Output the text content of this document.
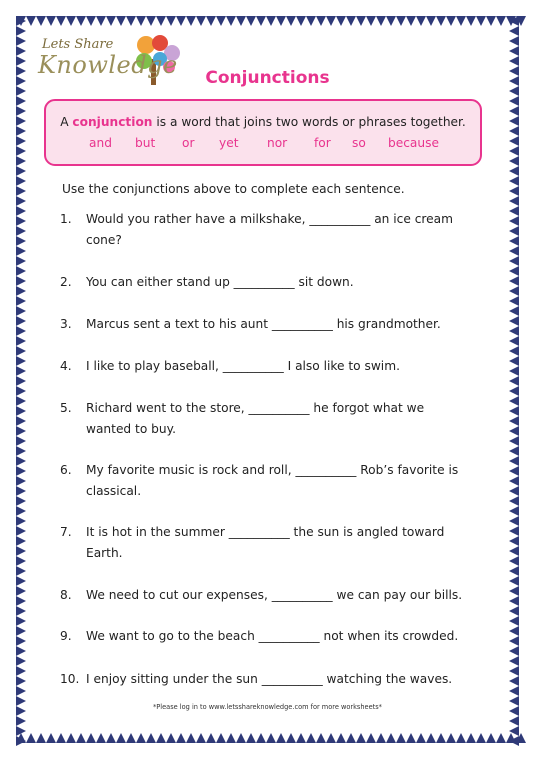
Lets Share
Knowledge	Conjunctions
A conjunction is a word that joins two words or phrases together.
and but or yet nor for so because
Use the conjunctions above to complete each sentence.
1.	Would you rather have a milkshake, __________ an ice cream
cone?
2.	You can either stand up __________ sit down.
3.	Marcus sent a text to his aunt __________ his grandmother.
4.	I like to play baseball, __________ I also like to swim.
5.	Richard went to the store, __________ he forgot what we
wanted to buy.
6.	My favorite music is rock and roll, __________ Rob’s favorite is
classical.
7.	It is hot in the summer __________ the sun is angled toward
Earth.
8.	We need to cut our expenses, __________ we can pay our bills.
9.	We want to go to the beach __________ not when its crowded.
10. I enjoy sitting under the sun __________ watching the waves.
*Please log in to www.letsshareknowledge.com for more worksheets*
